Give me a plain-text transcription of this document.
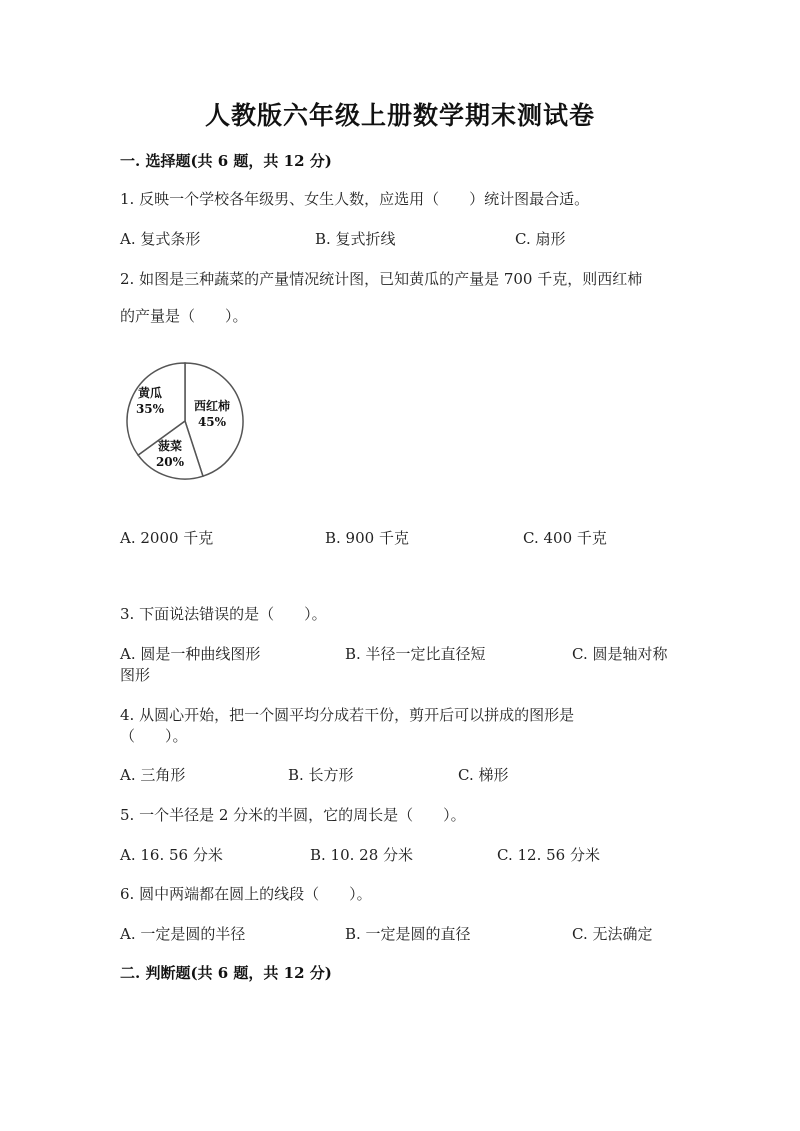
人教版六年级上册数学期末测试卷
一. 选择题(共 6 题，共 12 分)
1. 反映一个学校各年级男、女生人数，应选用（　　）统计图最合适。
A. 复式条形	B. 复式折线	C. 扇形
2. 如图是三种蔬菜的产量情况统计图，已知黄瓜的产量是 700 千克，则西红柿
的产量是（　　）。
西红柿
45%
菠菜
20%
黄瓜
35%
A. 2000 千克	B. 900 千克	C. 400 千克
3. 下面说法错误的是（　　）。
A. 圆是一种曲线图形	B. 半径一定比直径短	C. 圆是轴对称
图形
4. 从圆心开始，把一个圆平均分成若干份，剪开后可以拼成的图形是
（　　）。
A. 三角形	B. 长方形	C. 梯形
5. 一个半径是 2 分米的半圆，它的周长是（　　）。
A. 16. 56 分米	B. 10. 28 分米	C. 12. 56 分米
6. 圆中两端都在圆上的线段（　　）。
A. 一定是圆的半径	B. 一定是圆的直径	C. 无法确定
二. 判断题(共 6 题，共 12 分)
